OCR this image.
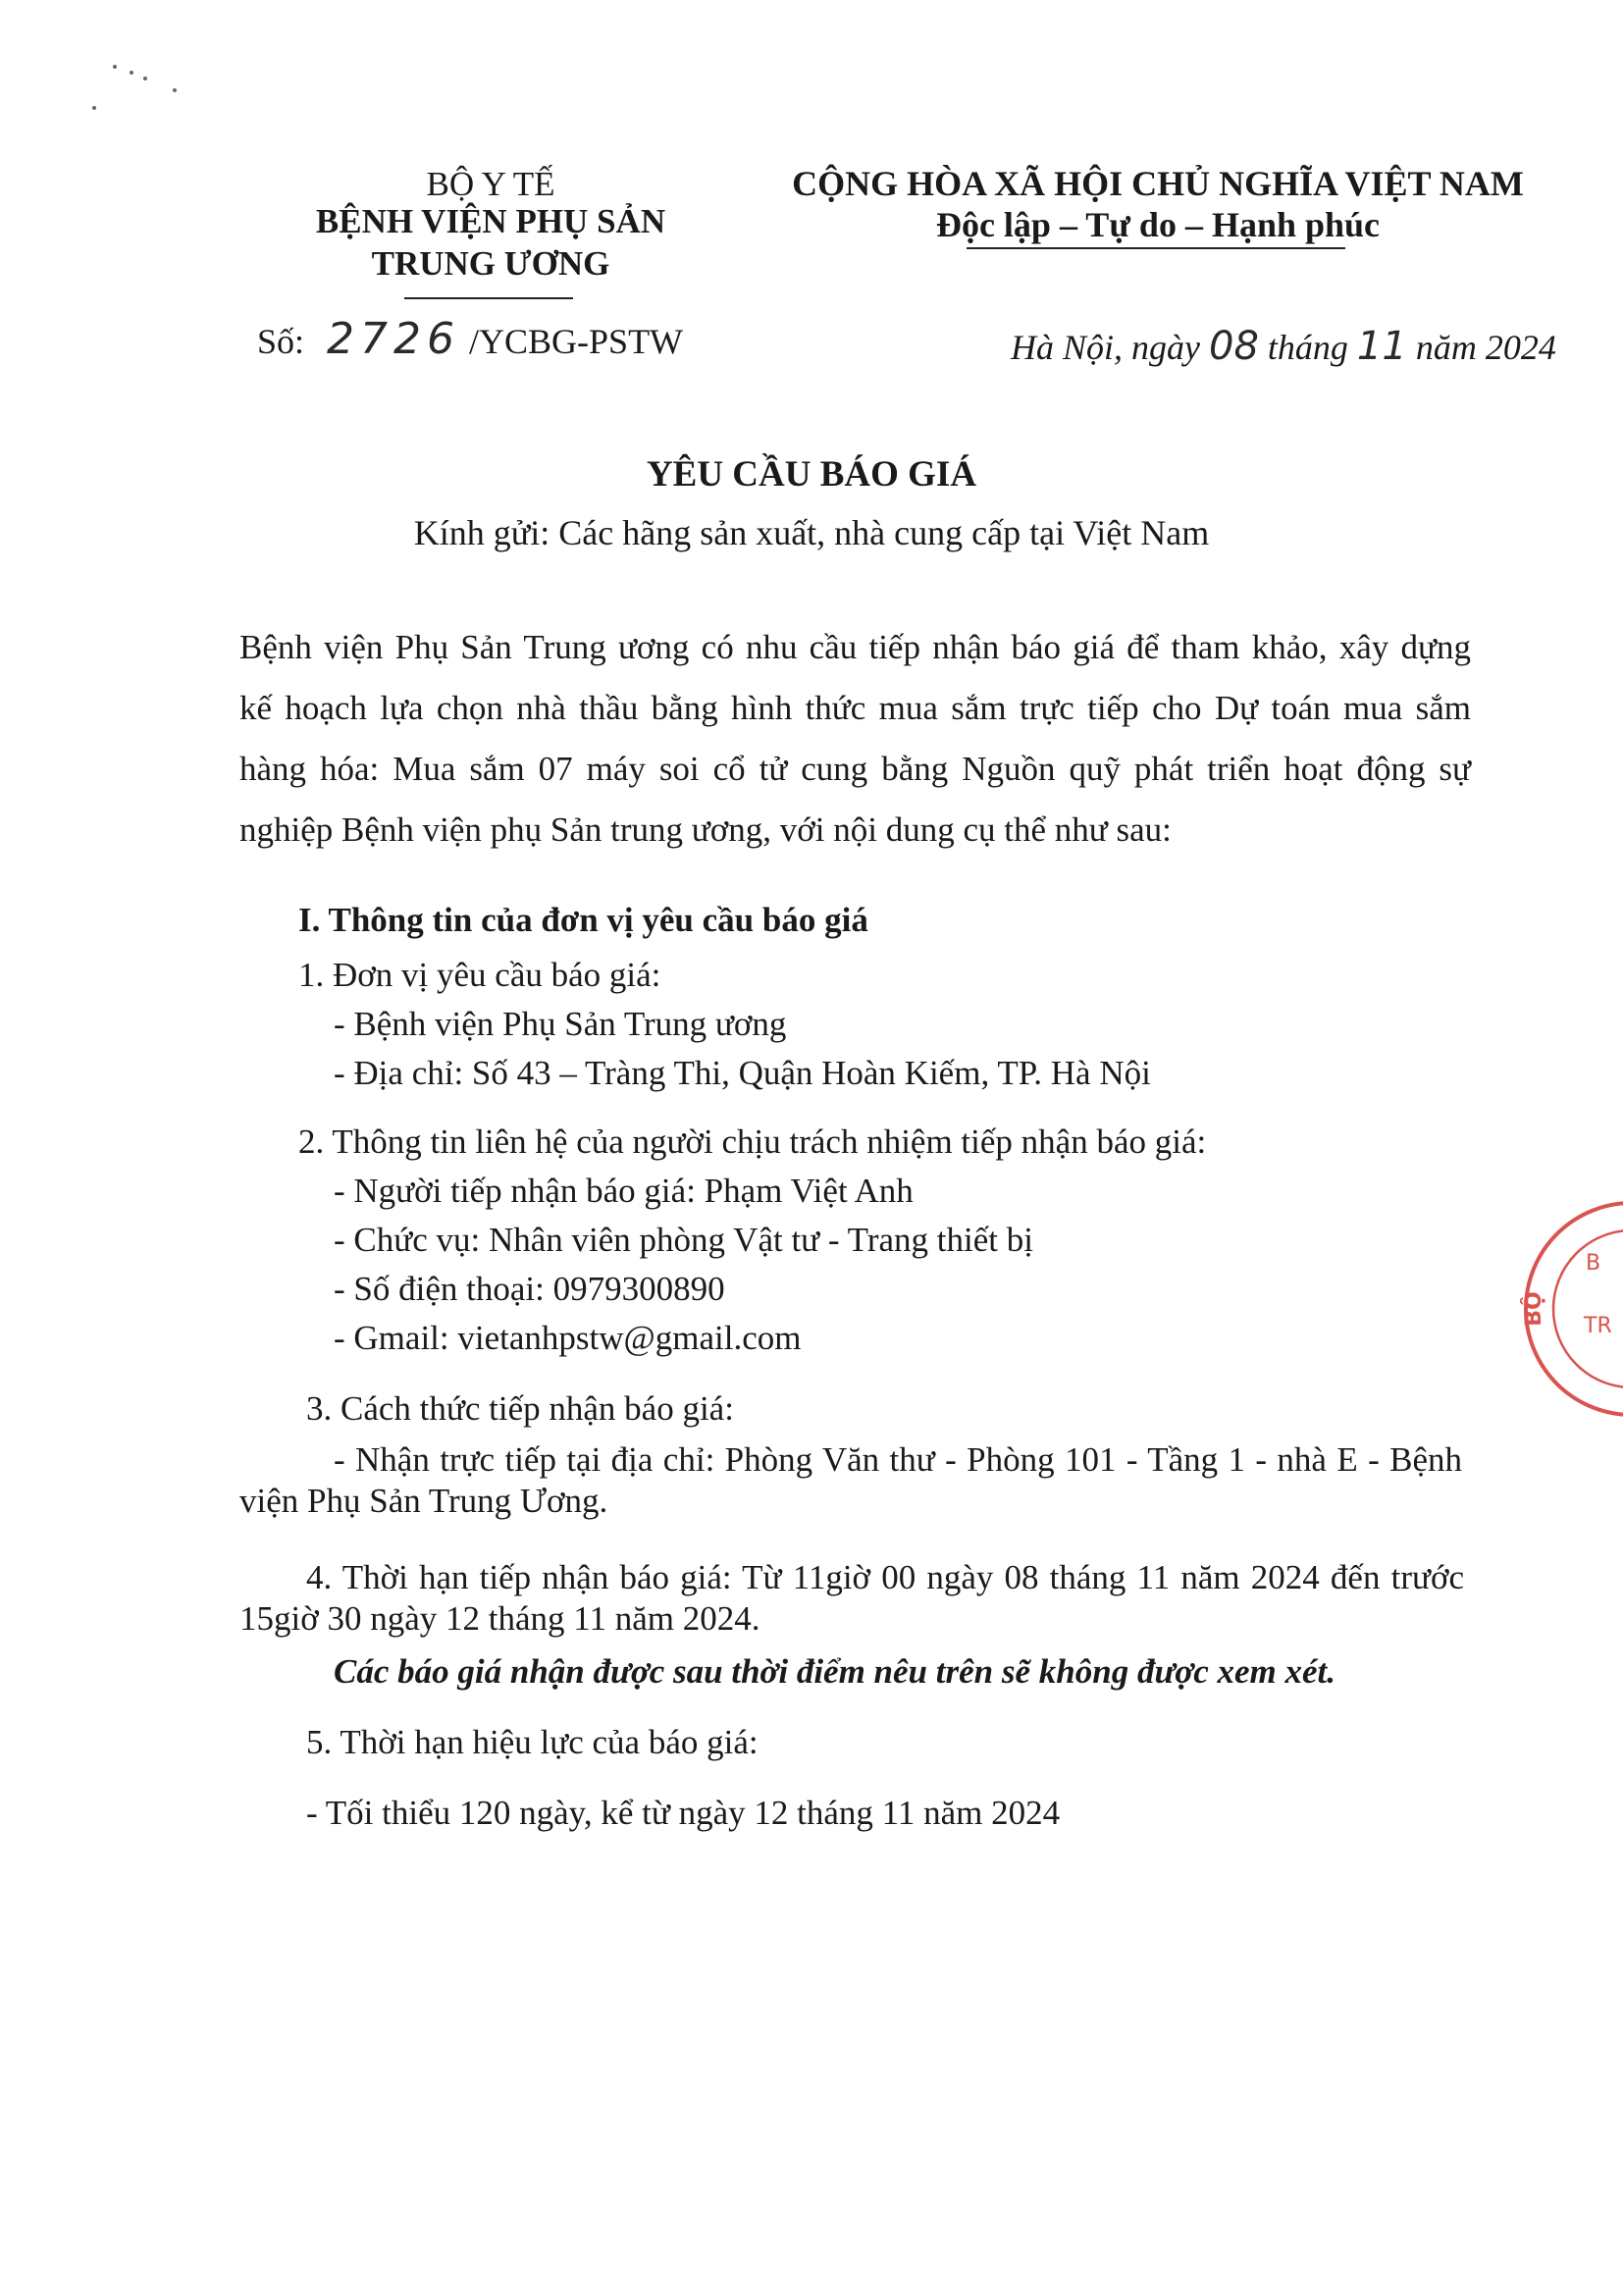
BỘ Y TẾ
BỆNH VIỆN PHỤ SẢN
TRUNG ƯƠNG
Số: 2726 /YCBG-PSTW
CỘNG HÒA XÃ HỘI CHỦ NGHĨA VIỆT NAM
Độc lập – Tự do – Hạnh phúc
Hà Nội, ngày 08 tháng 11 năm 2024
YÊU CẦU BÁO GIÁ
Kính gửi: Các hãng sản xuất, nhà cung cấp tại Việt Nam
Bệnh viện Phụ Sản Trung ương có nhu cầu tiếp nhận báo giá để tham khảo, xây dựng
kế hoạch lựa chọn nhà thầu bằng hình thức mua sắm trực tiếp cho Dự toán mua sắm
hàng hóa: Mua sắm 07 máy soi cổ tử cung bằng Nguồn quỹ phát triển hoạt động sự
nghiệp Bệnh viện phụ Sản trung ương, với nội dung cụ thể như sau:
I. Thông tin của đơn vị yêu cầu báo giá
1. Đơn vị yêu cầu báo giá:
- Bệnh viện Phụ Sản Trung ương
- Địa chỉ: Số 43 – Tràng Thi, Quận Hoàn Kiếm, TP. Hà Nội
2. Thông tin liên hệ của người chịu trách nhiệm tiếp nhận báo giá:
- Người tiếp nhận báo giá: Phạm Việt Anh
- Chức vụ: Nhân viên phòng Vật tư - Trang thiết bị
- Số điện thoại: 0979300890
- Gmail: vietanhpstw@gmail.com
3. Cách thức tiếp nhận báo giá:
- Nhận trực tiếp tại địa chỉ: Phòng Văn thư - Phòng 101 - Tầng 1 - nhà E - Bệnh
viện Phụ Sản Trung Ương.
4. Thời hạn tiếp nhận báo giá: Từ 11giờ 00 ngày 08 tháng 11 năm 2024 đến trước
15giờ 30 ngày 12 tháng 11 năm 2024.
Các báo giá nhận được sau thời điểm nêu trên sẽ không được xem xét.
5. Thời hạn hiệu lực của báo giá:
- Tối thiểu 120 ngày, kể từ ngày 12 tháng 11 năm 2024
BỘ
B
TR
